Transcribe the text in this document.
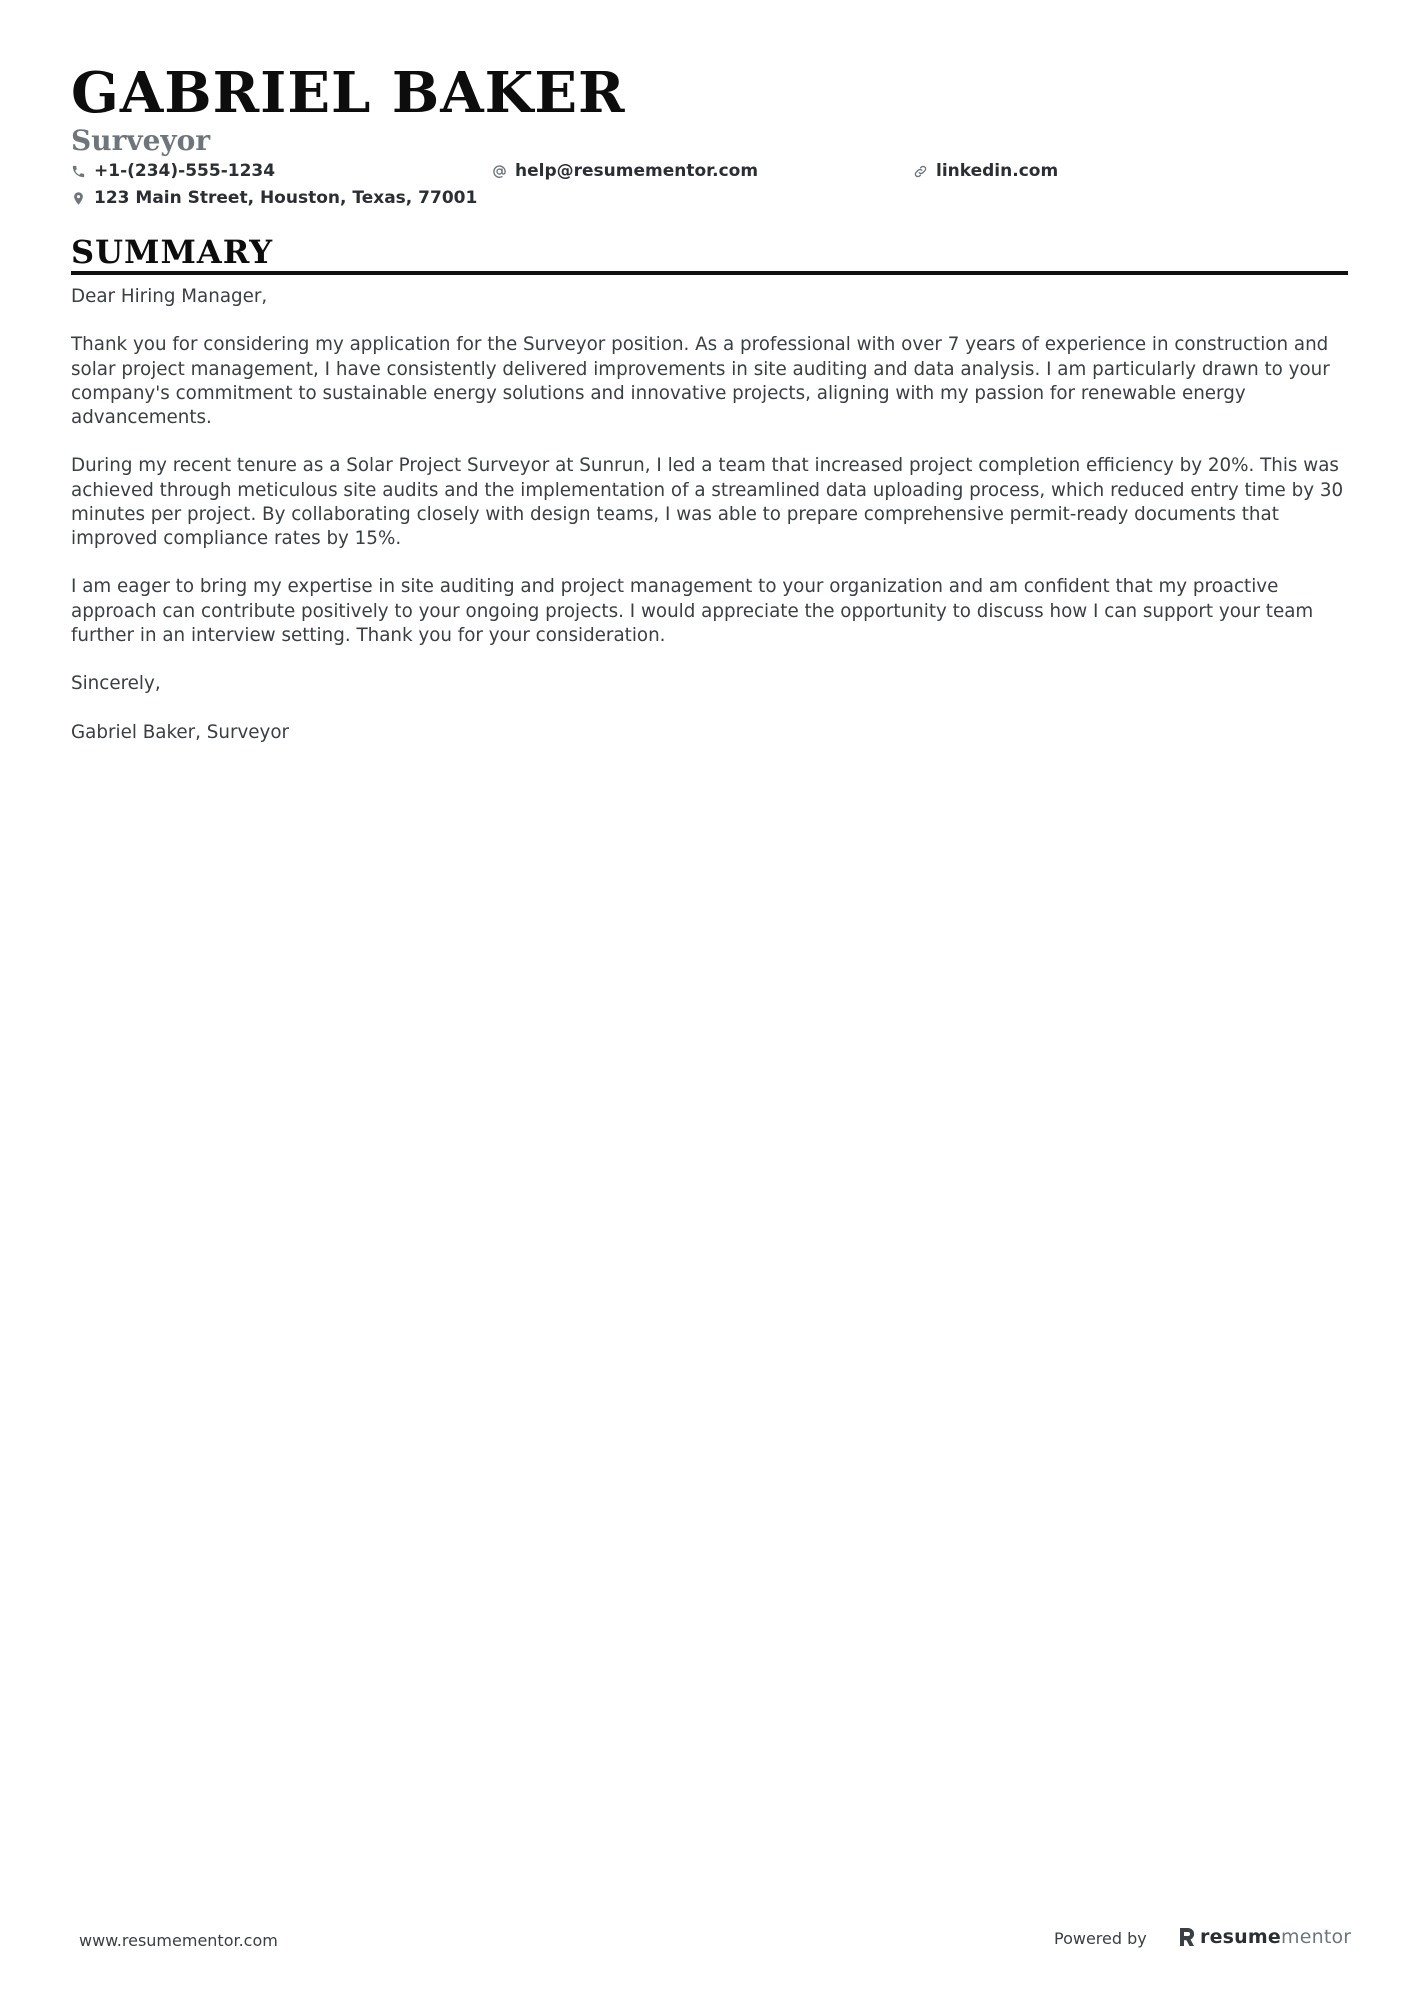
GABRIEL BAKER
Surveyor
+1-(234)-555-1234	help@resumementor.com	linkedin.com
123 Main Street, Houston, Texas, 77001
SUMMARY

Dear Hiring Manager,

Thank you for considering my application for the Surveyor position. As a professional with over 7 years of experience in construction and solar project management, I have consistently delivered improvements in site auditing and data analysis. I am particularly drawn to your company's commitment to sustainable energy solutions and innovative projects, aligning with my passion for renewable energy advancements.

During my recent tenure as a Solar Project Surveyor at Sunrun, I led a team that increased project completion efficiency by 20%. This was achieved through meticulous site audits and the implementation of a streamlined data uploading process, which reduced entry time by 30 minutes per project. By collaborating closely with design teams, I was able to prepare comprehensive permit-ready documents that improved compliance rates by 15%.

I am eager to bring my expertise in site auditing and project management to your organization and am confident that my proactive approach can contribute positively to your ongoing projects. I would appreciate the opportunity to discuss how I can support your team further in an interview setting. Thank you for your consideration.

Sincerely,

Gabriel Baker, Surveyor

www.resumementor.com	Powered by	resume mentor
